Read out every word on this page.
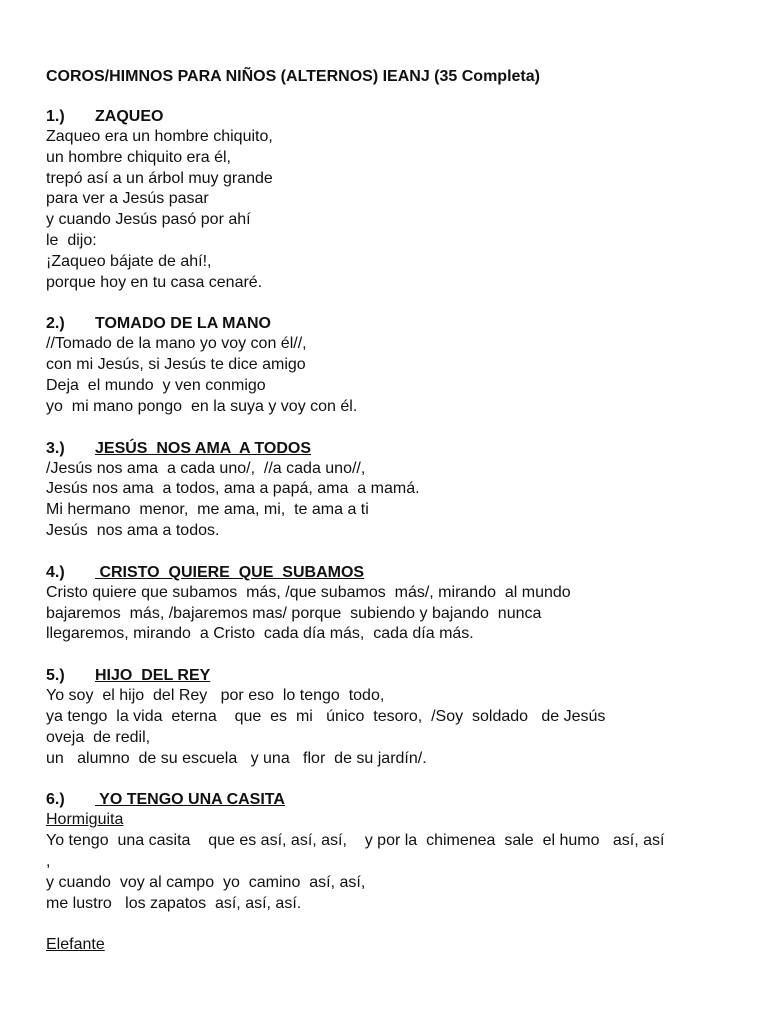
COROS/HIMNOS PARA NIÑOS (ALTERNOS) IEANJ (35 Completa)
1.)	ZAQUEO
Zaqueo era un hombre chiquito,
un hombre chiquito era él,
trepó así a un árbol muy grande
para ver a Jesús pasar
y cuando Jesús pasó por ahí
le  dijo:
¡Zaqueo bájate de ahí!,
porque hoy en tu casa cenaré.
2.)	TOMADO DE LA MANO
//Tomado de la mano yo voy con él//,
con mi Jesús, si Jesús te dice amigo
Deja  el mundo  y ven conmigo
yo  mi mano pongo  en la suya y voy con él.
3.)	JESÚS  NOS AMA  A TODOS
/Jesús nos ama  a cada uno/,  //a cada uno//,
Jesús nos ama  a todos, ama a papá, ama  a mamá.
Mi hermano  menor,  me ama, mi,  te ama a ti
Jesús  nos ama a todos.
4.)	CRISTO  QUIERE  QUE  SUBAMOS
Cristo quiere que subamos  más, /que subamos  más/, mirando  al mundo
bajaremos  más, /bajaremos mas/ porque  subiendo y bajando  nunca
llegaremos, mirando  a Cristo  cada día más,  cada día más.
5.)	HIJO  DEL REY
Yo soy  el hijo  del Rey   por eso  lo tengo  todo,
ya tengo  la vida  eterna    que  es  mi   único  tesoro,  /Soy  soldado   de Jesús
oveja  de redil,
un   alumno  de su escuela   y una   flor  de su jardín/.
6.)	YO TENGO UNA CASITA
Hormiguita
Yo tengo  una casita    que es así, así, así,    y por la  chimenea  sale  el humo   así, así
,
y cuando  voy al campo  yo  camino  así, así,
me lustro   los zapatos  así, así, así.
Elefante
